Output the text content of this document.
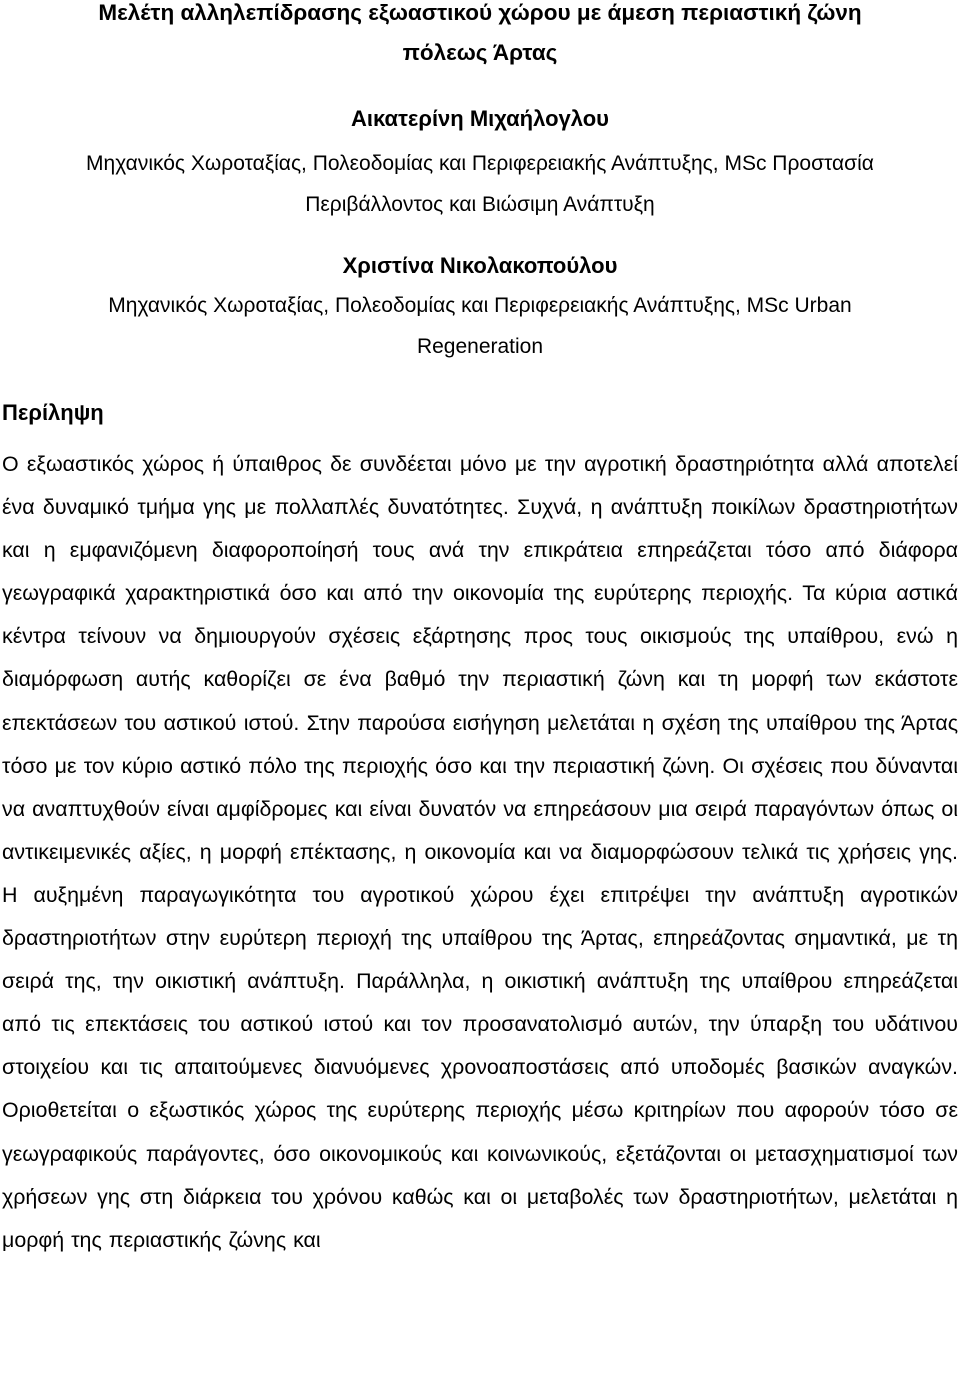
Μελέτη αλληλεπίδρασης εξωαστικού χώρου με άμεση περιαστική ζώνη

πόλεως Άρτας

Αικατερίνη Μιχαήλογλου

Μηχανικός Χωροταξίας, Πολεοδομίας και Περιφερειακής Ανάπτυξης, MSc Προστασία

Περιβάλλοντος και Βιώσιμη Ανάπτυξη

Χριστίνα Νικολακοπούλου

Μηχανικός Χωροταξίας, Πολεοδομίας και Περιφερειακής Ανάπτυξης, MSc Urban

Regeneration

Περίληψη

Ο εξωαστικός χώρος ή ύπαιθρος δε συνδέεται μόνο με την αγροτική δραστηριότητα αλλά αποτελεί ένα δυναμικό τμήμα γης με πολλαπλές δυνατότητες. Συχνά, η ανάπτυξη ποικίλων δραστηριοτήτων και η εμφανιζόμενη διαφοροποίησή τους ανά την επικράτεια επηρεάζεται τόσο από διάφορα γεωγραφικά χαρακτηριστικά όσο και από την οικονομία της ευρύτερης περιοχής. Τα κύρια αστικά κέντρα τείνουν να δημιουργούν σχέσεις εξάρτησης προς τους οικισμούς της υπαίθρου, ενώ η διαμόρφωση αυτής καθορίζει σε ένα βαθμό την περιαστική ζώνη και τη μορφή των εκάστοτε επεκτάσεων του αστικού ιστού. Στην παρούσα εισήγηση μελετάται η σχέση της υπαίθρου της Άρτας τόσο με τον κύριο αστικό πόλο της περιοχής όσο και την περιαστική ζώνη. Οι σχέσεις που δύνανται να αναπτυχθούν είναι αμφίδρομες και είναι δυνατόν να επηρεάσουν μια σειρά παραγόντων όπως οι αντικειμενικές αξίες, η μορφή επέκτασης, η οικονομία και να διαμορφώσουν τελικά τις χρήσεις γης. Η αυξημένη παραγωγικότητα του αγροτικού χώρου έχει επιτρέψει την ανάπτυξη αγροτικών δραστηριοτήτων στην ευρύτερη περιοχή της υπαίθρου της Άρτας, επηρεάζοντας σημαντικά, με τη σειρά της, την οικιστική ανάπτυξη. Παράλληλα, η οικιστική ανάπτυξη της υπαίθρου επηρεάζεται από τις επεκτάσεις του αστικού ιστού και τον προσανατολισμό αυτών, την ύπαρξη του υδάτινου στοιχείου και τις απαιτούμενες διανυόμενες χρονοαποστάσεις από υποδομές βασικών αναγκών. Οριοθετείται ο εξωστικός χώρος της ευρύτερης περιοχής μέσω κριτηρίων που αφορούν τόσο σε γεωγραφικούς παράγοντες, όσο οικονομικούς και κοινωνικούς, εξετάζονται οι μετασχηματισμοί των χρήσεων γης στη διάρκεια του χρόνου καθώς και οι μεταβολές των δραστηριοτήτων, μελετάται η μορφή της περιαστικής ζώνης και
